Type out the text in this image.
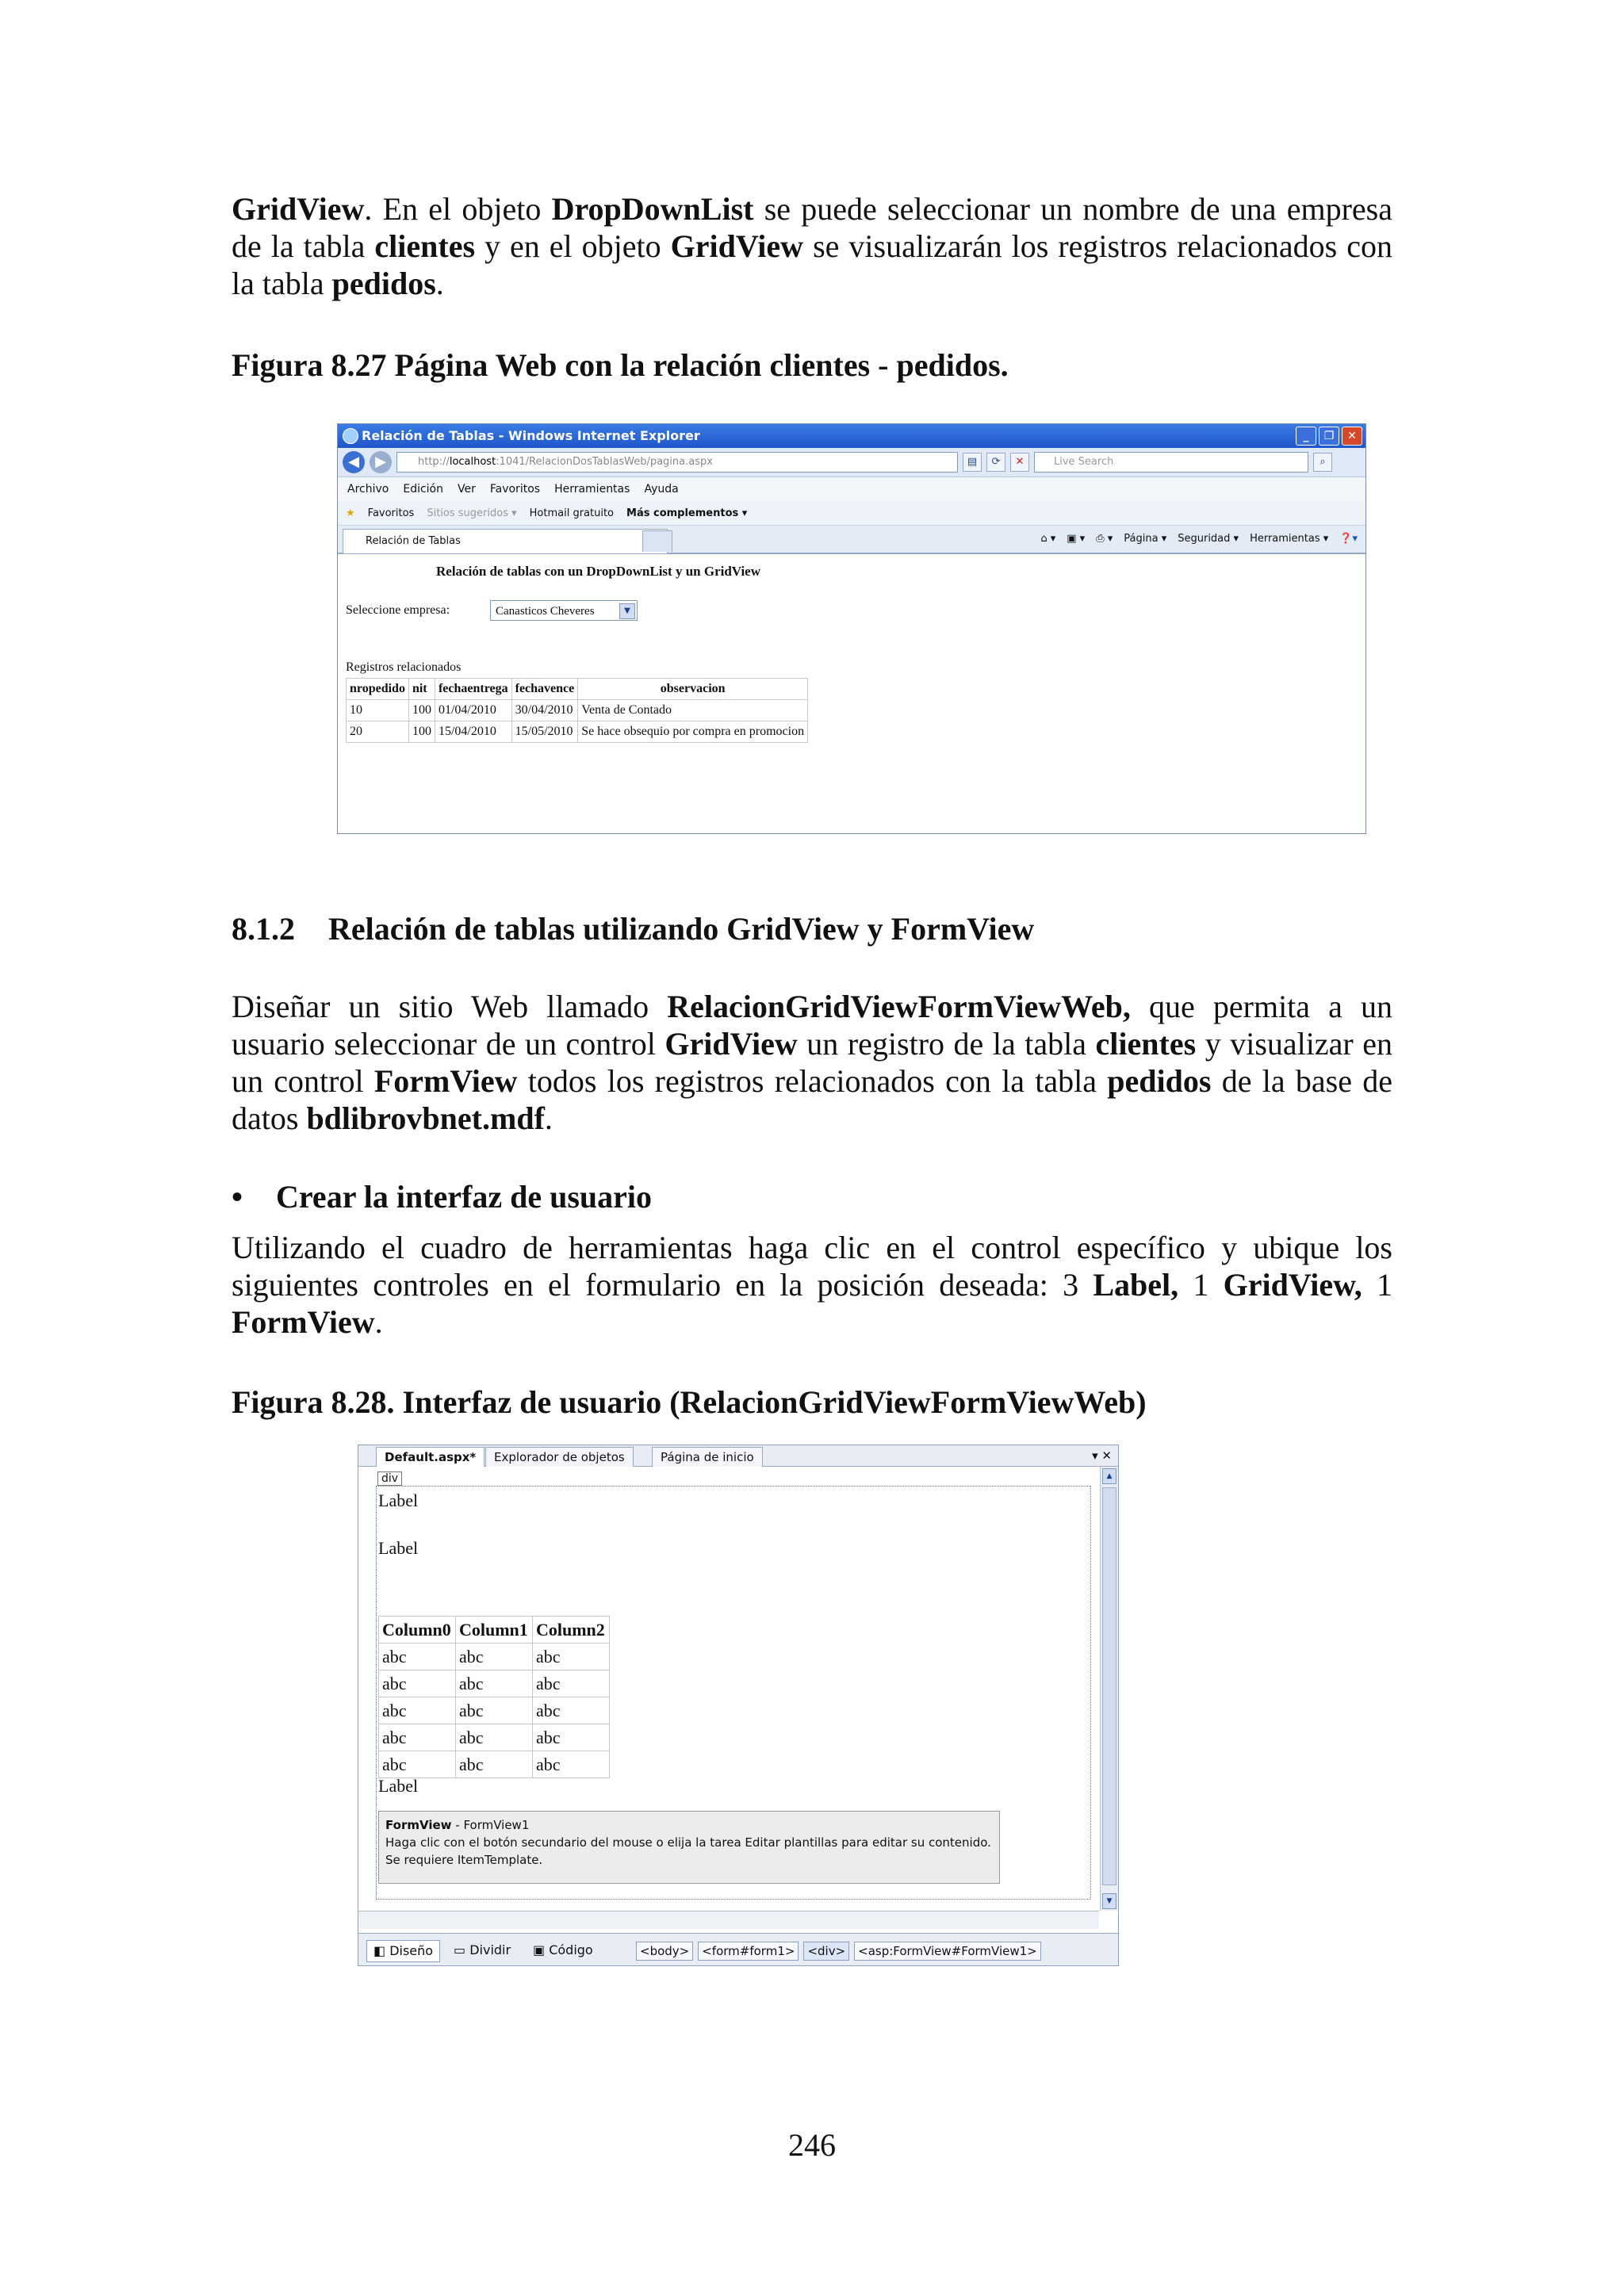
GridView. En el objeto DropDownList se puede seleccionar un nombre de una empresa de la tabla clientes y en el objeto GridView se visualizarán los registros relacionados con la tabla pedidos.
Figura 8.27 Página Web con la relación clientes - pedidos.
Relación de Tablas - Windows Internet Explorer	_	❐	✕
◀	▶	http://localhost:1041/RelacionDosTablasWeb/pagina.aspx	▤	⟳	✕	Live Search	⌕
Archivo Edición Ver Favoritos Herramientas Ayuda
★ Favoritos Sitios sugeridos ▾ Hotmail gratuito Más complementos ▾
Relación de Tablas	⌂ ▾ ▣ ▾ ⎙ ▾ Página ▾ Seguridad ▾ Herramientas ▾ ❓▾
Relación de tablas con un DropDownList y un GridView
Seleccione empresa:	Canasticos Cheveres	▼
Registros relacionados
nropedido	nit	fechaentrega	fechavence	observacion
10	100	01/04/2010	30/04/2010	Venta de Contado
20	100	15/04/2010	15/05/2010	Se hace obsequio por compra en promocion
8.1.2 Relación de tablas utilizando GridView y FormView
Diseñar un sitio Web llamado RelacionGridViewFormViewWeb, que permita a un usuario seleccionar de un control GridView un registro de la tabla clientes y visualizar en un control FormView todos los registros relacionados con la tabla pedidos de la base de datos bdlibrovbnet.mdf.
• Crear la interfaz de usuario
Utilizando el cuadro de herramientas haga clic en el control específico y ubique los siguientes controles en el formulario en la posición deseada: 3 Label, 1 GridView, 1 FormView.
Figura 8.28. Interfaz de usuario (RelacionGridViewFormViewWeb)
Default.aspx*	Explorador de objetos	Página de inicio	▾ ✕
div
Label
Label
Column0	Column1	Column2
abc	abc	abc
abc	abc	abc
abc	abc	abc
abc	abc	abc
abc	abc	abc
Label
FormView - FormView1
Haga clic con el botón secundario del mouse o elija la tarea Editar plantillas para editar su contenido.
Se requiere ItemTemplate.
▲
▼
◧ Diseño	▭ Dividir	▣ Código	<body>	<form#form1>	<div>	<asp:FormView#FormView1>
246
